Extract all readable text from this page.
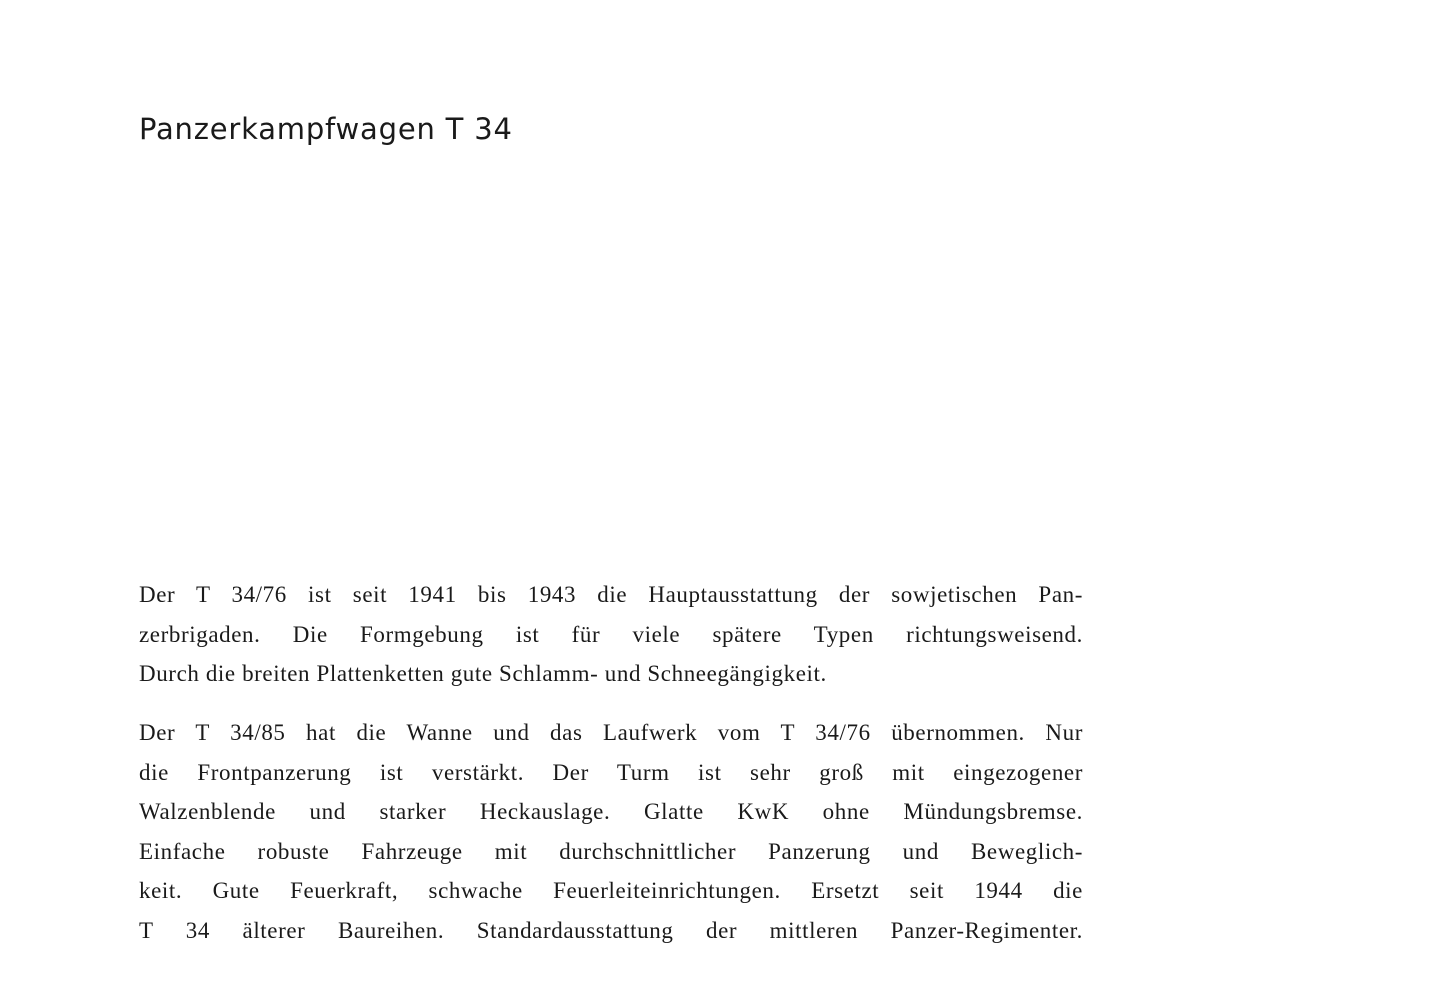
Panzerkampfwagen T 34
Der T 34/76 ist seit 1941 bis 1943 die Hauptausstattung der sowjetischen Pan-
zerbrigaden. Die Formgebung ist für viele spätere Typen richtungsweisend.
Durch die breiten Plattenketten gute Schlamm- und Schneegängigkeit.
Der T 34/85 hat die Wanne und das Laufwerk vom T 34/76 übernommen. Nur
die Frontpanzerung ist verstärkt. Der Turm ist sehr groß mit eingezogener
Walzenblende und starker Heckauslage. Glatte KwK ohne Mündungsbremse.
Einfache robuste Fahrzeuge mit durchschnittlicher Panzerung und Beweglich-
keit. Gute Feuerkraft, schwache Feuerleiteinrichtungen. Ersetzt seit 1944 die
T 34 älterer Baureihen. Standardausstattung der mittleren Panzer-Regimenter.
